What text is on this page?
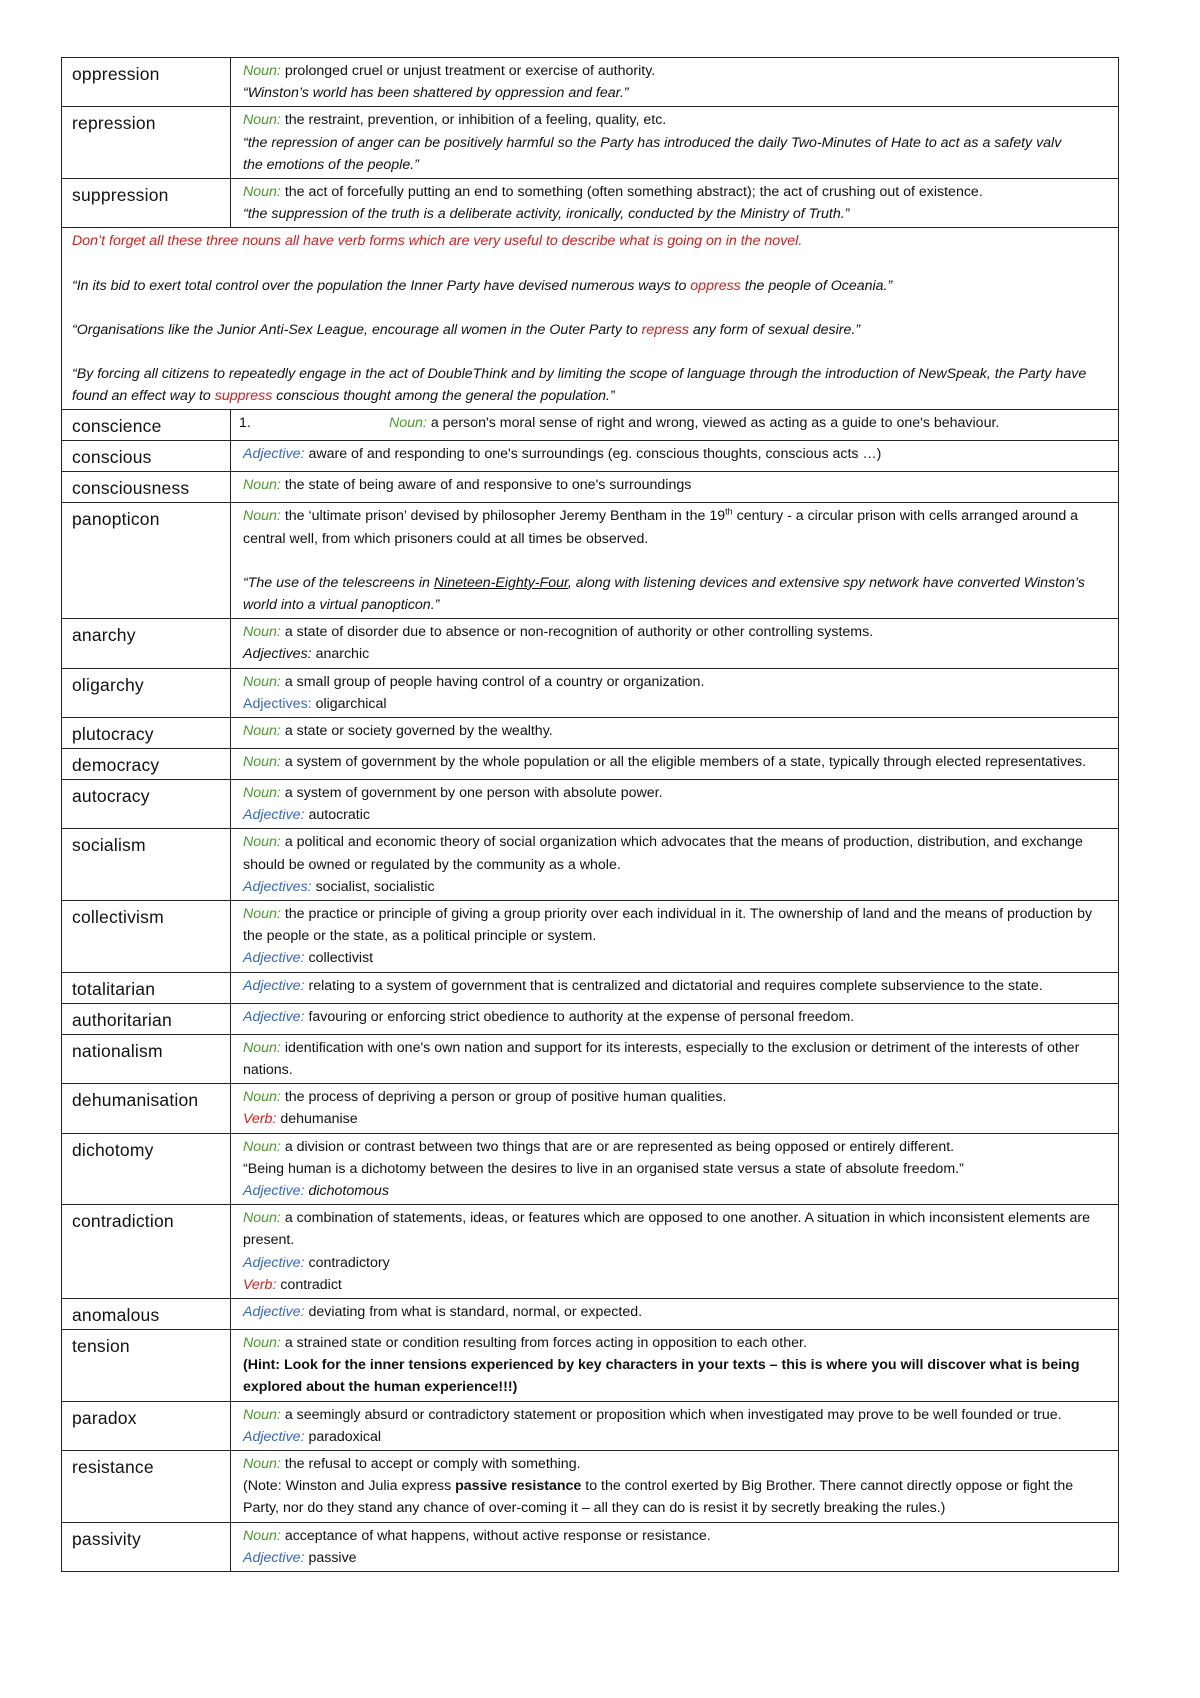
oppression	Noun: prolonged cruel or unjust treatment or exercise of authority.
“Winston’s world has been shattered by oppression and fear.”

repression	Noun: the restraint, prevention, or inhibition of a feeling, quality, etc.
“the repression of anger can be positively harmful so the Party has introduced the daily Two-Minutes of Hate to act as a safety valv
the emotions of the people.”

suppression	Noun: the act of forcefully putting an end to something (often something abstract); the act of crushing out of existence.
“the suppression of the truth is a deliberate activity, ironically, conducted by the Ministry of Truth.”

Don’t forget all these three nouns all have verb forms which are very useful to describe what is going on in the novel.

“In its bid to exert total control over the population the Inner Party have devised numerous ways to oppress the people of Oceania.”

“Organisations like the Junior Anti-Sex League, encourage all women in the Outer Party to repress any form of sexual desire.”

“By forcing all citizens to repeatedly engage in the act of DoubleThink and by limiting the scope of language through the introduction of NewSpeak, the Party have found an effect way to suppress conscious thought among the general the population.”	

conscience	1. Noun: a person's moral sense of right and wrong, viewed as acting as a guide to one's behaviour.
conscious	Adjective: aware of and responding to one's surroundings (eg. conscious thoughts, conscious acts …)
consciousness	Noun: the state of being aware of and responsive to one's surroundings
panopticon	Noun: the ‘ultimate prison’ devised by philosopher Jeremy Bentham in the 19th century - a circular prison with cells arranged around a central well, from which prisoners could at all times be observed.
“The use of the telescreens in Nineteen-Eighty-Four, along with listening devices and extensive spy network have converted Winston’s world into a virtual panopticon.”

anarchy	Noun: a state of disorder due to absence or non-recognition of authority or other controlling systems.
Adjectives: anarchic

oligarchy	Noun: a small group of people having control of a country or organization.
Adjectives: oligarchical

plutocracy	Noun: a state or society governed by the wealthy.
democracy	Noun: a system of government by the whole population or all the eligible members of a state, typically through elected representatives.
autocracy	Noun: a system of government by one person with absolute power.
Adjective: autocratic

socialism	Noun: a political and economic theory of social organization which advocates that the means of production, distribution, and exchange should be owned or regulated by the community as a whole.
Adjectives: socialist, socialistic

collectivism	Noun: the practice or principle of giving a group priority over each individual in it. The ownership of land and the means of production by the people or the state, as a political principle or system.
Adjective: collectivist

totalitarian	Adjective: relating to a system of government that is centralized and dictatorial and requires complete subservience to the state.
authoritarian	Adjective: favouring or enforcing strict obedience to authority at the expense of personal freedom.
nationalism	Noun: identification with one's own nation and support for its interests, especially to the exclusion or detriment of the interests of other nations.
dehumanisation	Noun: the process of depriving a person or group of positive human qualities.
Verb: dehumanise

dichotomy	Noun: a division or contrast between two things that are or are represented as being opposed or entirely different.
“Being human is a dichotomy between the desires to live in an organised state versus a state of absolute freedom.”
Adjective: dichotomous

contradiction	Noun: a combination of statements, ideas, or features which are opposed to one another. A situation in which inconsistent elements are present.
Adjective: contradictory
Verb: contradict

anomalous	Adjective: deviating from what is standard, normal, or expected.
tension	Noun: a strained state or condition resulting from forces acting in opposition to each other.
(Hint: Look for the inner tensions experienced by key characters in your texts – this is where you will discover what is being explored about the human experience!!!)

paradox	Noun: a seemingly absurd or contradictory statement or proposition which when investigated may prove to be well founded or true.
Adjective: paradoxical

resistance	Noun: the refusal to accept or comply with something.
(Note: Winston and Julia express passive resistance to the control exerted by Big Brother. There cannot directly oppose or fight the Party, nor do they stand any chance of over-coming it – all they can do is resist it by secretly breaking the rules.)

passivity	Noun: acceptance of what happens, without active response or resistance.
Adjective: passive
